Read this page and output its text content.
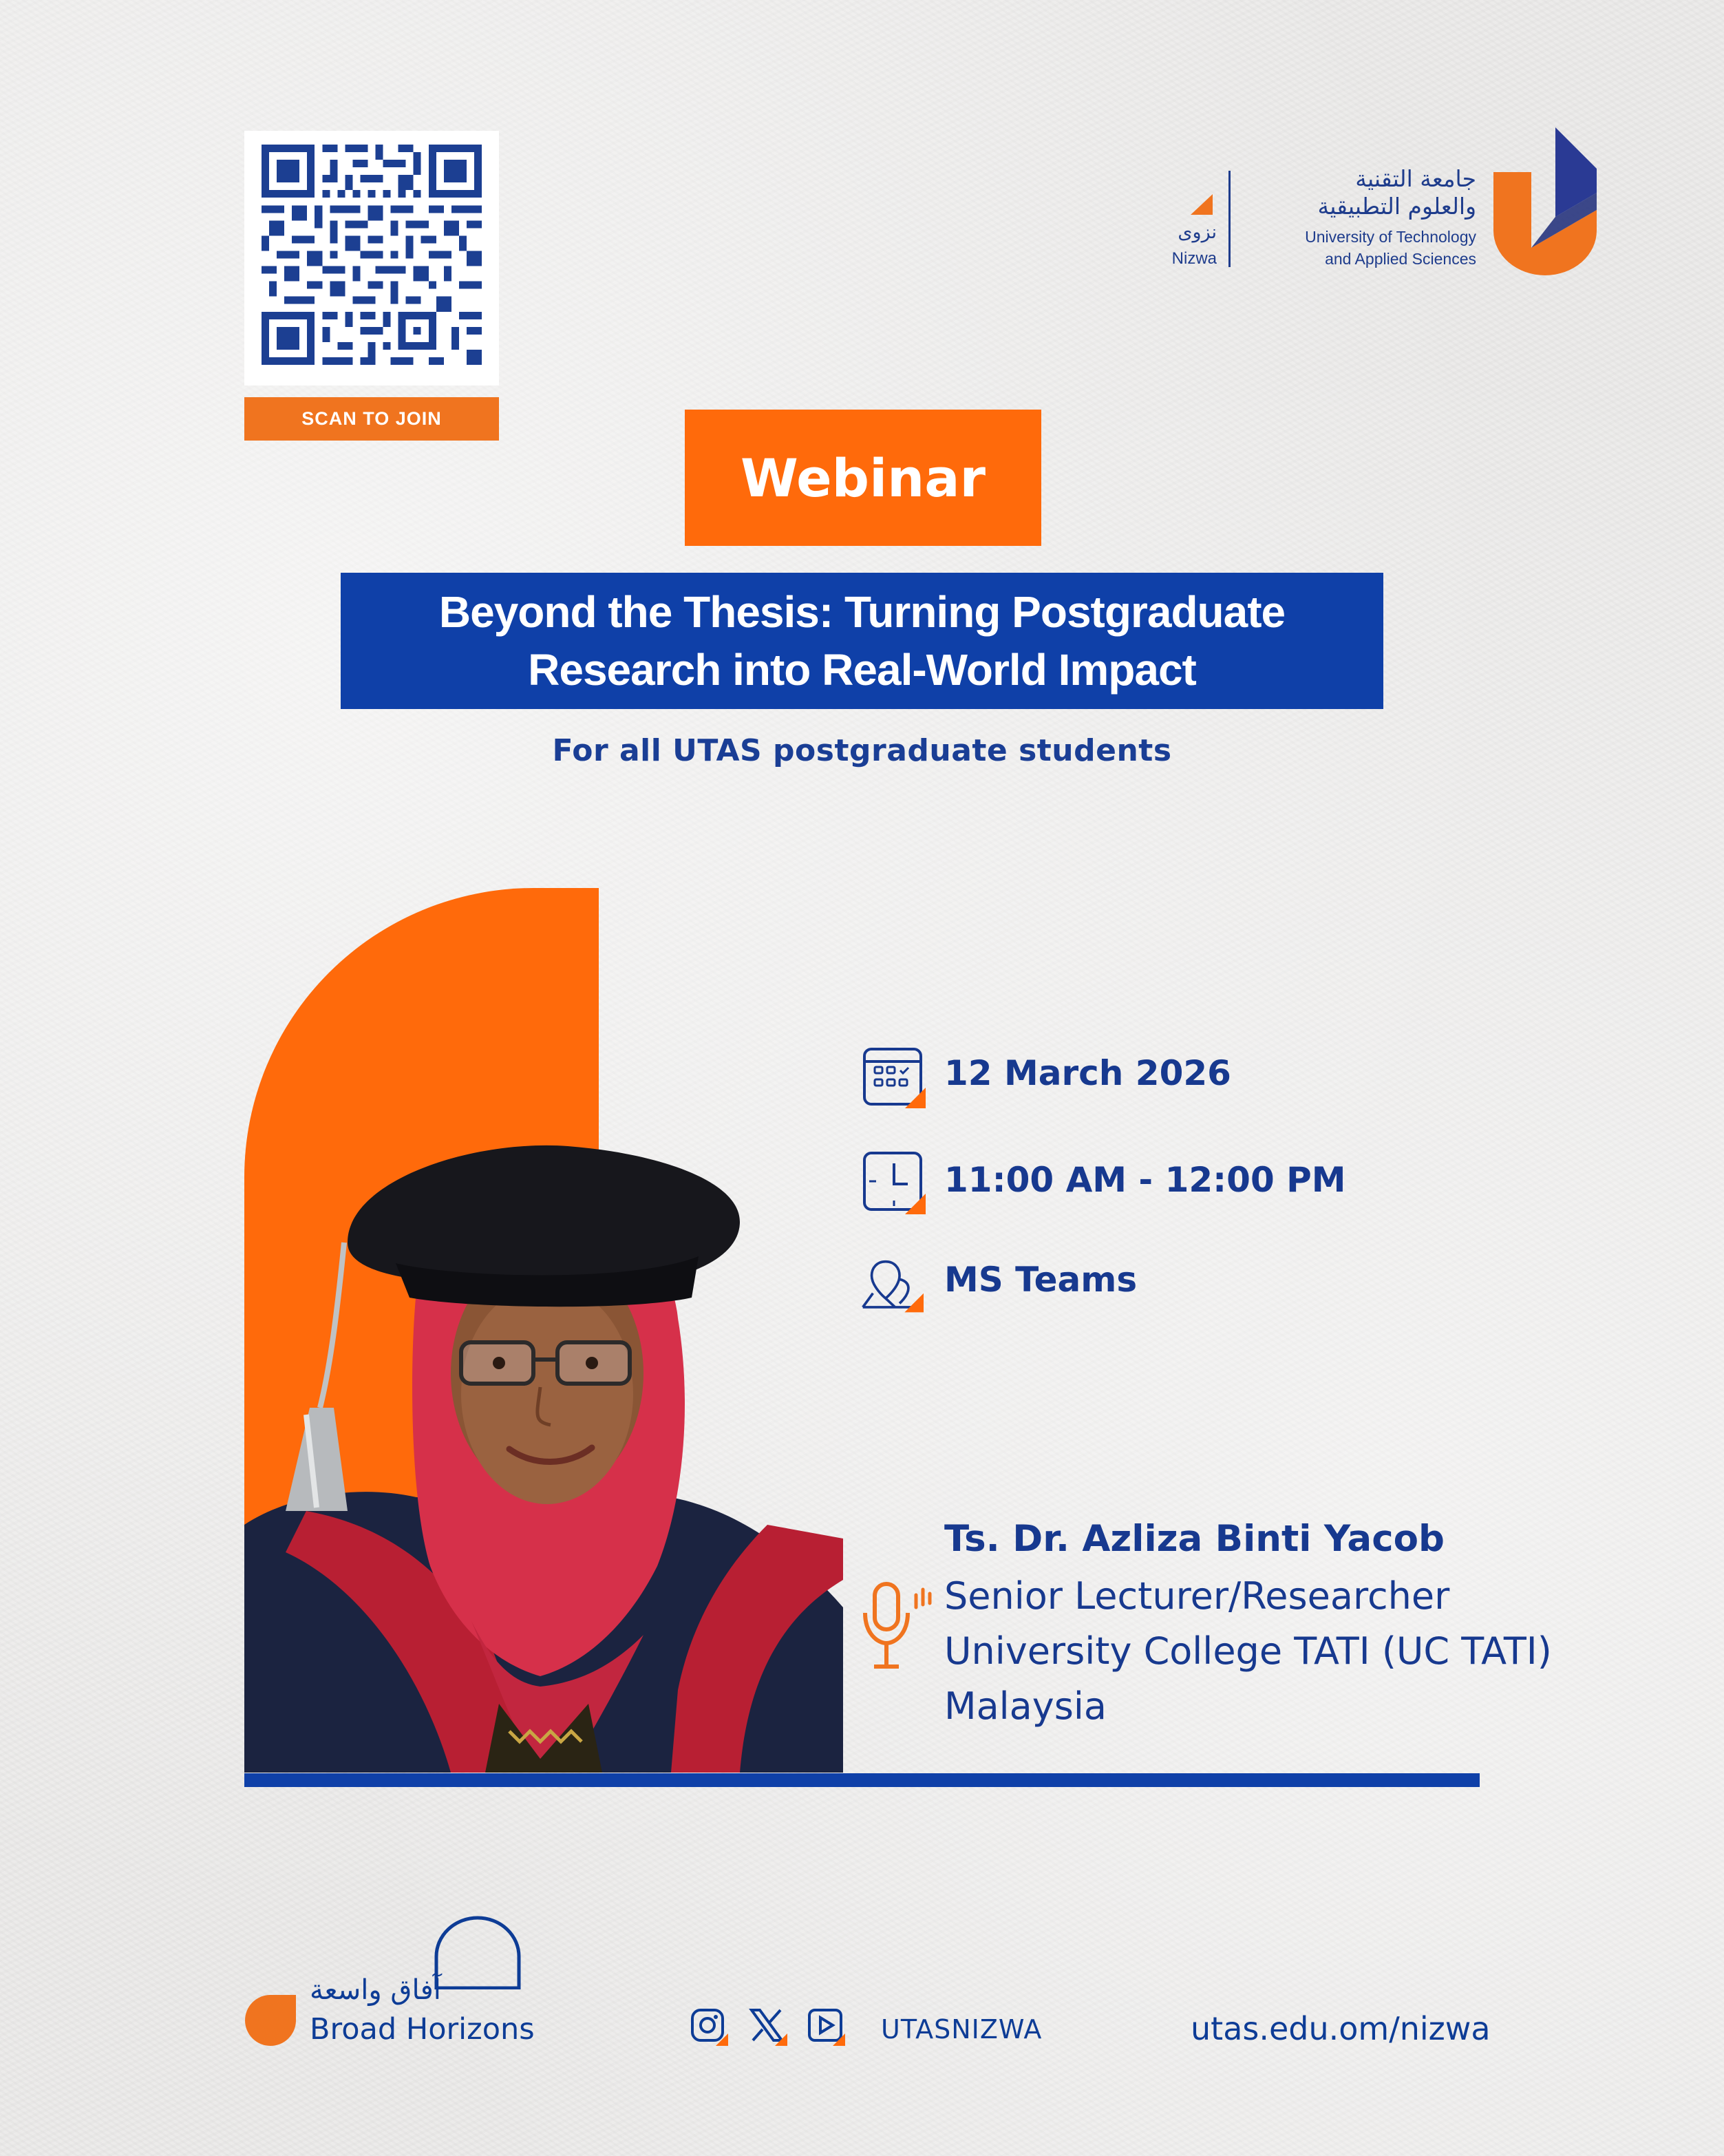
SCAN TO JOIN
جامعة التقنية
والعلوم التطبيقية
University of Technology
and Applied Sciences
نزوى
Nizwa
Webinar
Beyond the Thesis: Turning Postgraduate
Research into Real-World Impact
For all UTAS postgraduate students
12 March 2026
11:00 AM - 12:00 PM
MS Teams
Ts. Dr. Azliza Binti Yacob
Senior Lecturer/Researcher
University College TATI (UC TATI)
Malaysia
آفاق واسعة
Broad Horizons	UTASNIZWA	utas.edu.om/nizwa
